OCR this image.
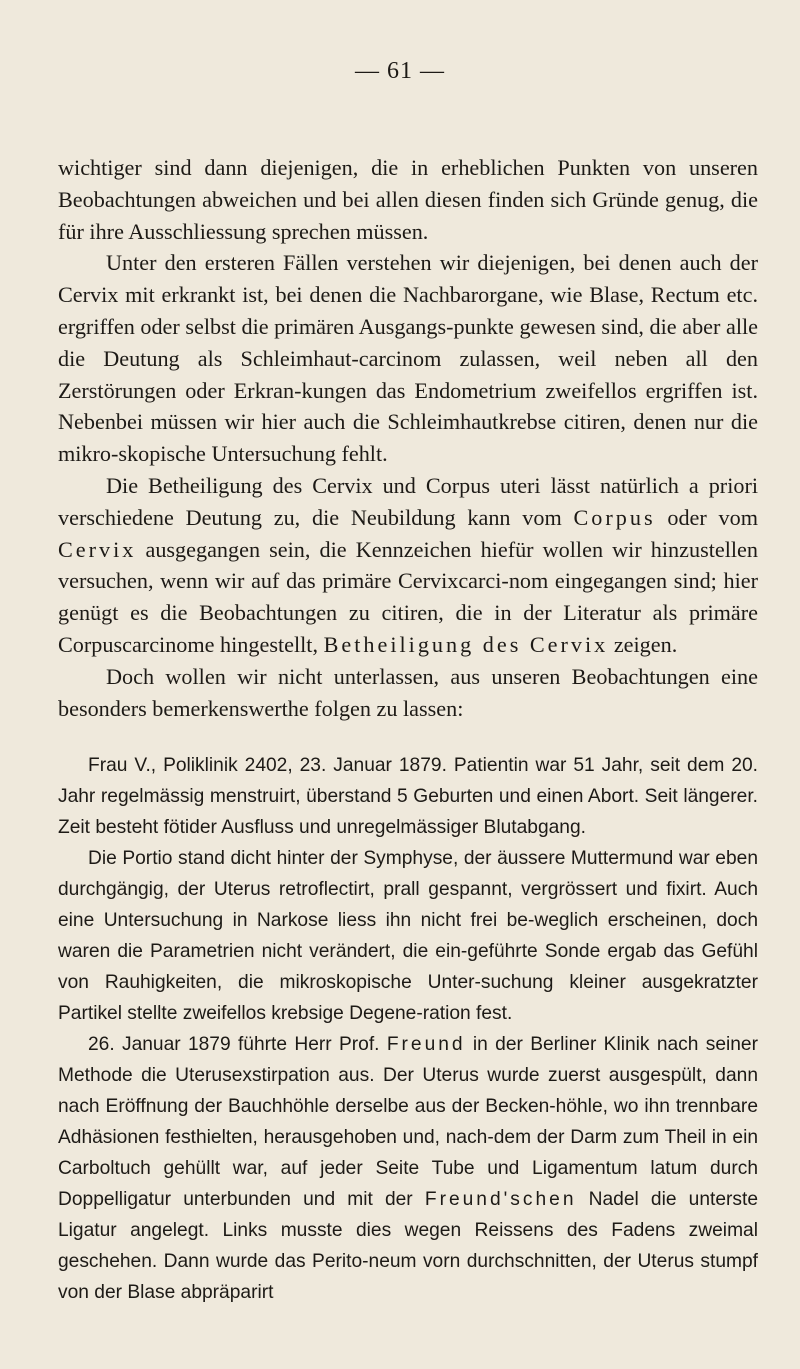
— 61 —

wichtiger sind dann diejenigen, die in erheblichen Punkten von unseren Beobachtungen abweichen und bei allen diesen finden sich Gründe genug, die für ihre Ausschliessung sprechen müssen.

Unter den ersteren Fällen verstehen wir diejenigen, bei denen auch der Cervix mit erkrankt ist, bei denen die Nachbarorgane, wie Blase, Rectum etc. ergriffen oder selbst die primären Ausgangs-punkte gewesen sind, die aber alle die Deutung als Schleimhaut-carcinom zulassen, weil neben all den Zerstörungen oder Erkran-kungen das Endometrium zweifellos ergriffen ist. Nebenbei müssen wir hier auch die Schleimhautkrebse citiren, denen nur die mikro-skopische Untersuchung fehlt.

Die Betheiligung des Cervix und Corpus uteri lässt natürlich a priori verschiedene Deutung zu, die Neubildung kann vom Corpus oder vom Cervix ausgegangen sein, die Kennzeichen hiefür wollen wir hinzustellen versuchen, wenn wir auf das primäre Cervixcarci-nom eingegangen sind; hier genügt es die Beobachtungen zu citiren, die in der Literatur als primäre Corpuscarcinome hingestellt, Betheiligung des Cervix zeigen.

Doch wollen wir nicht unterlassen, aus unseren Beobachtungen eine besonders bemerkenswerthe folgen zu lassen:

Frau V., Poliklinik 2402, 23. Januar 1879. Patientin war 51 Jahr, seit dem 20. Jahr regelmässig menstruirt, überstand 5 Geburten und einen Abort. Seit längerer. Zeit besteht fötider Ausfluss und unregelmässiger Blutabgang.

Die Portio stand dicht hinter der Symphyse, der äussere Muttermund war eben durchgängig, der Uterus retroflectirt, prall gespannt, vergrössert und fixirt. Auch eine Untersuchung in Narkose liess ihn nicht frei be-weglich erscheinen, doch waren die Parametrien nicht verändert, die ein-geführte Sonde ergab das Gefühl von Rauhigkeiten, die mikroskopische Unter-suchung kleiner ausgekratzter Partikel stellte zweifellos krebsige Degene-ration fest.

26. Januar 1879 führte Herr Prof. Freund in der Berliner Klinik nach seiner Methode die Uterusexstirpation aus. Der Uterus wurde zuerst ausgespült, dann nach Eröffnung der Bauchhöhle derselbe aus der Becken-höhle, wo ihn trennbare Adhäsionen festhielten, herausgehoben und, nach-dem der Darm zum Theil in ein Carboltuch gehüllt war, auf jeder Seite Tube und Ligamentum latum durch Doppelligatur unterbunden und mit der Freund'schen Nadel die unterste Ligatur angelegt. Links musste dies wegen Reissens des Fadens zweimal geschehen. Dann wurde das Perito-neum vorn durchschnitten, der Uterus stumpf von der Blase abpräparirt
